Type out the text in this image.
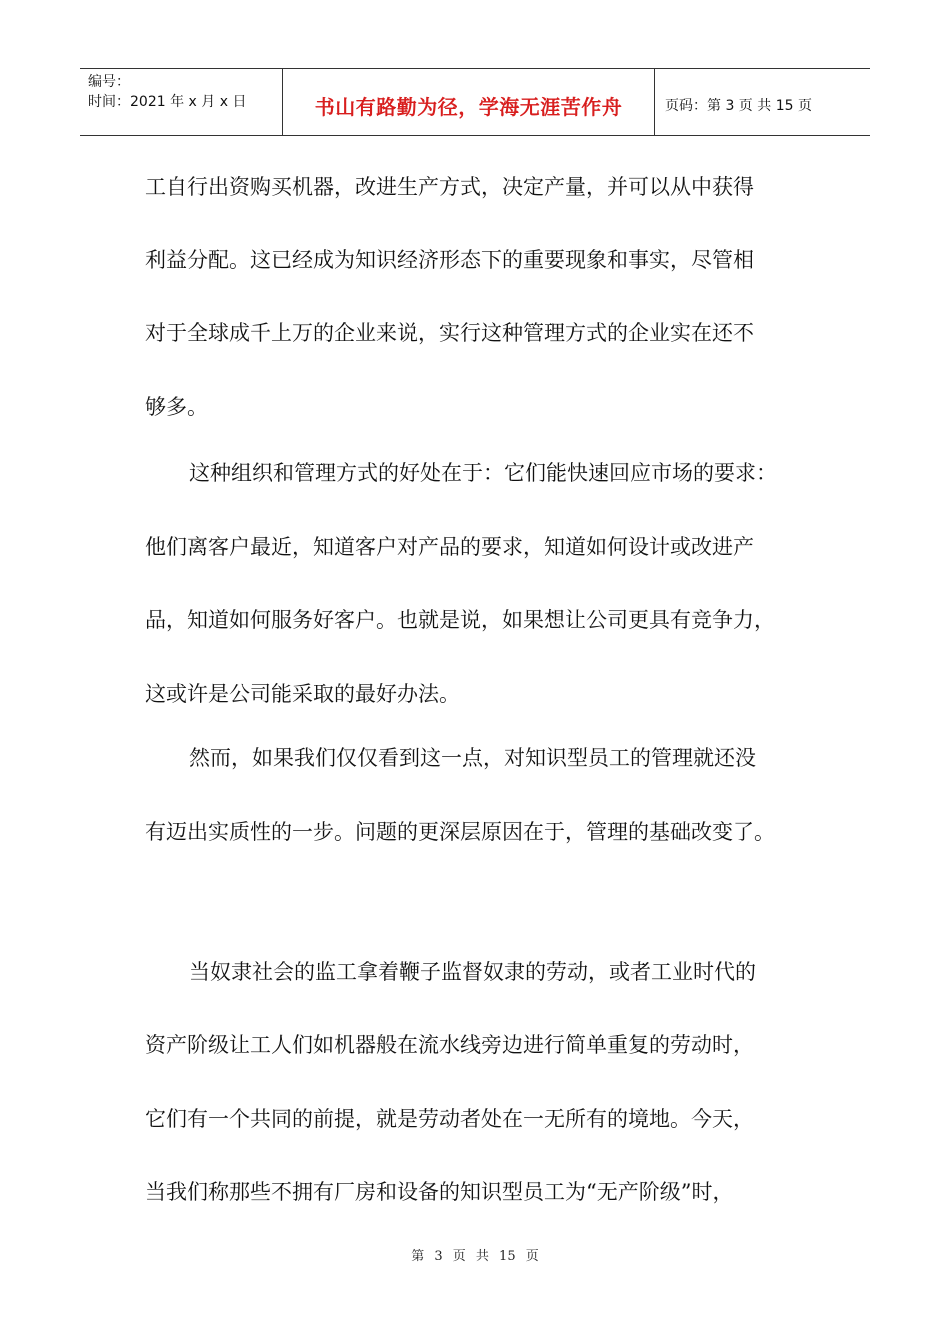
编号：
时间：2021 年 x 月 x 日	书山有路勤为径，学海无涯苦作舟	页码：第 3 页 共 15 页
工自行出资购买机器，改进生产方式，决定产量，并可以从中获得
利益分配。这已经成为知识经济形态下的重要现象和事实，尽管相
对于全球成千上万的企业来说，实行这种管理方式的企业实在还不
够多。
这种组织和管理方式的好处在于：它们能快速回应市场的要求：
他们离客户最近，知道客户对产品的要求，知道如何设计或改进产
品，知道如何服务好客户。也就是说，如果想让公司更具有竞争力，
这或许是公司能采取的最好办法。
然而，如果我们仅仅看到这一点，对知识型员工的管理就还没
有迈出实质性的一步。问题的更深层原因在于，管理的基础改变了。
当奴隶社会的监工拿着鞭子监督奴隶的劳动，或者工业时代的
资产阶级让工人们如机器般在流水线旁边进行简单重复的劳动时，
它们有一个共同的前提，就是劳动者处在一无所有的境地。今天，
当我们称那些不拥有厂房和设备的知识型员工为“无产阶级”时，
第 3 页 共 15 页
